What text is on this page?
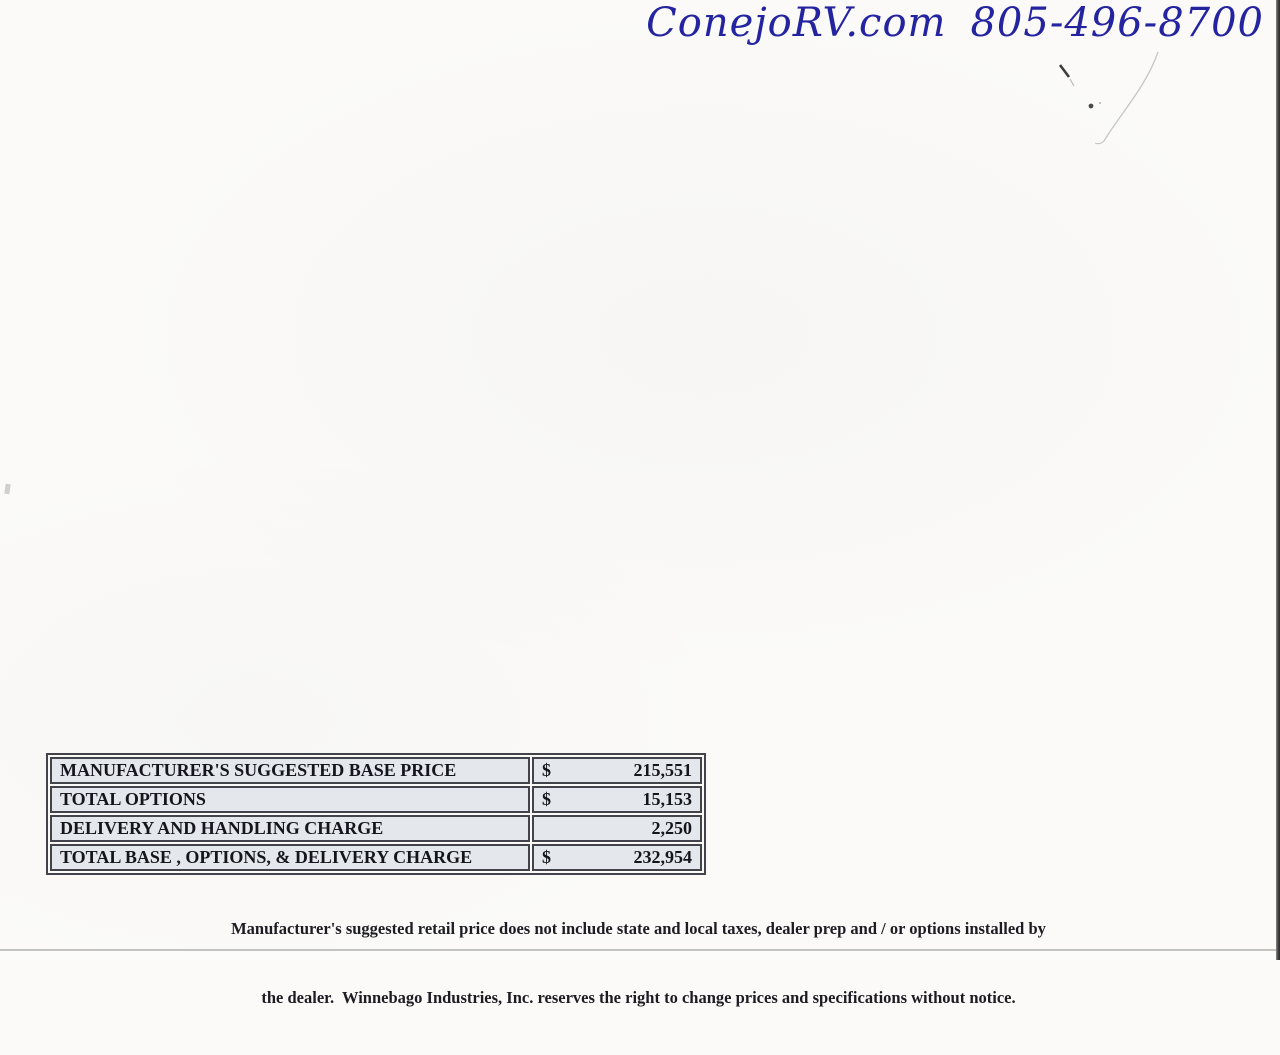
ConejoRV.com 805-496-8700
MANUFACTURER'S SUGGESTED BASE PRICE	$ 215,551

TOTAL OPTIONS	$ 15,153

DELIVERY AND HANDLING CHARGE	2,250

TOTAL BASE , OPTIONS, & DELIVERY CHARGE	$ 232,954

Manufacturer's suggested retail price does not include state and local taxes, dealer prep and / or options installed by

the dealer.  Winnebago Industries, Inc. reserves the right to change prices and specifications without notice.
